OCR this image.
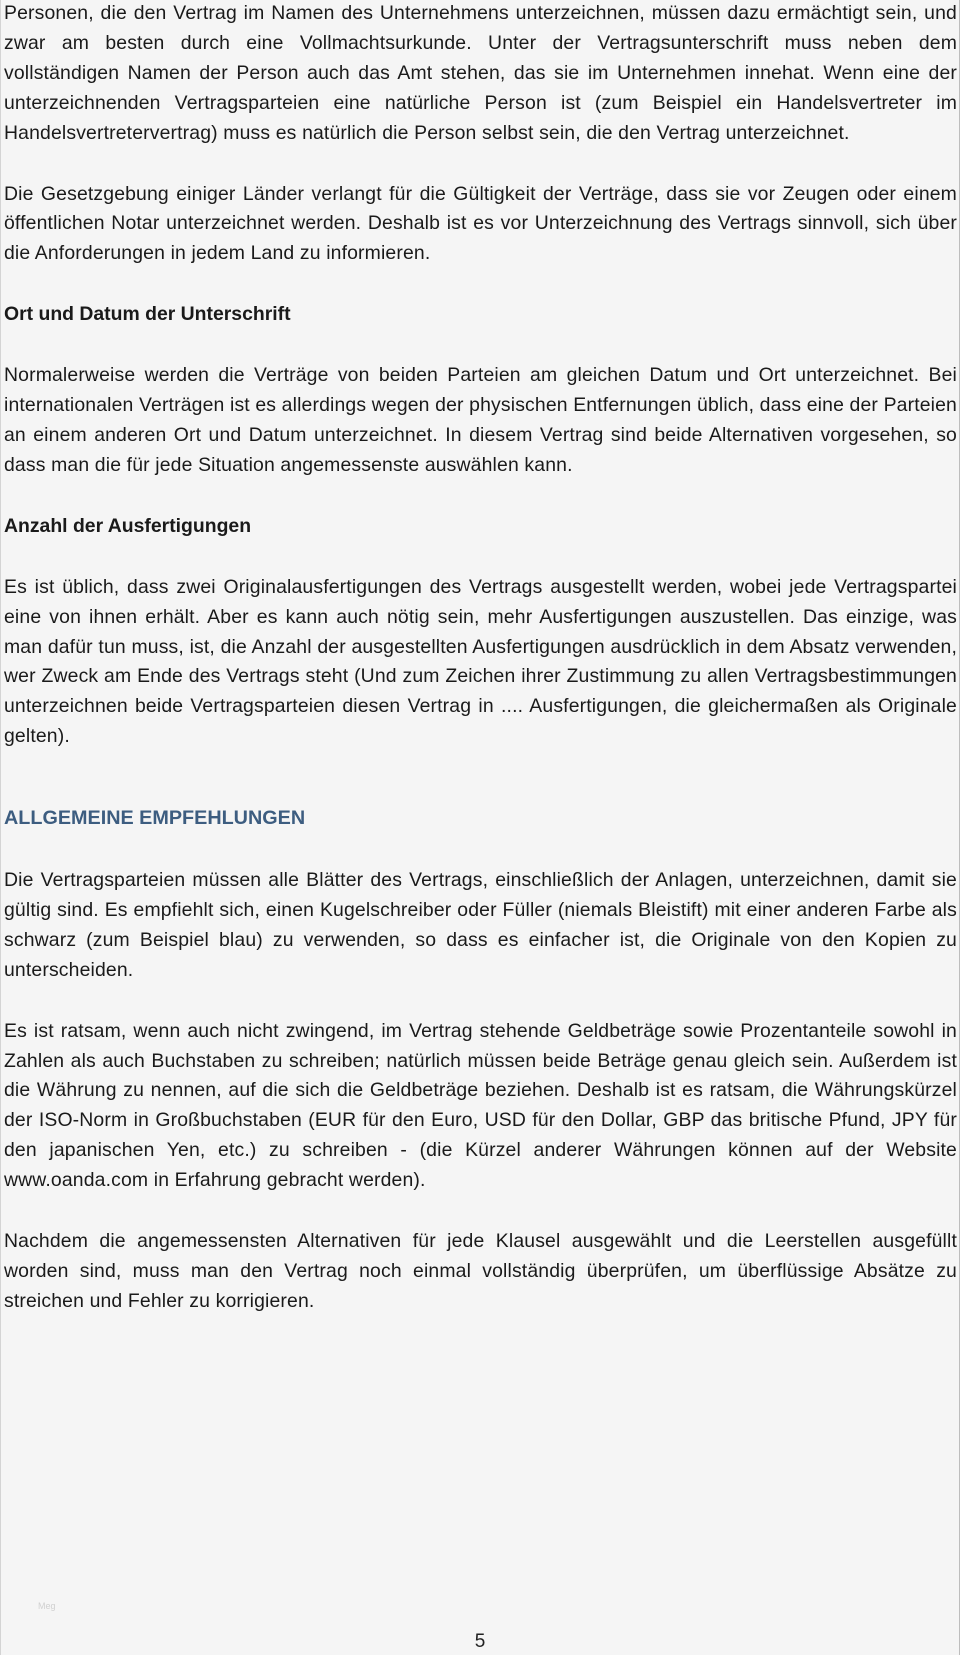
Personen, die den Vertrag im Namen des Unternehmens unterzeichnen, müssen dazu ermächtigt sein, und zwar am besten durch eine Vollmachtsurkunde. Unter der Vertragsunterschrift muss neben dem vollständigen Namen der Person auch das Amt stehen, das sie im Unternehmen innehat. Wenn eine der unterzeichnenden Vertragsparteien eine natürliche Person ist (zum Beispiel ein Handelsvertreter im Handelsvertretervertrag) muss es natürlich die Person selbst sein, die den Vertrag unterzeichnet.

Die Gesetzgebung einiger Länder verlangt für die Gültigkeit der Verträge, dass sie vor Zeugen oder einem öffentlichen Notar unterzeichnet werden. Deshalb ist es vor Unterzeichnung des Vertrags sinnvoll, sich über die Anforderungen in jedem Land zu informieren.

Ort und Datum der Unterschrift

Normalerweise werden die Verträge von beiden Parteien am gleichen Datum und Ort unterzeichnet. Bei internationalen Verträgen ist es allerdings wegen der physischen Entfernungen üblich, dass eine der Parteien an einem anderen Ort und Datum unterzeichnet. In diesem Vertrag sind beide Alternativen vorgesehen, so dass man die für jede Situation angemessenste auswählen kann.

Anzahl der Ausfertigungen

Es ist üblich, dass zwei Originalausfertigungen des Vertrags ausgestellt werden, wobei jede Vertragspartei eine von ihnen erhält. Aber es kann auch nötig sein, mehr Ausfertigungen auszustellen. Das einzige, was man dafür tun muss, ist, die Anzahl der ausgestellten Ausfertigungen ausdrücklich in dem Absatz verwenden, wer Zweck am Ende des Vertrags steht (Und zum Zeichen ihrer Zustimmung zu allen Vertragsbestimmungen unterzeichnen beide Vertragsparteien diesen Vertrag in .... Ausfertigungen, die gleichermaßen als Originale gelten).

ALLGEMEINE EMPFEHLUNGEN

Die Vertragsparteien müssen alle Blätter des Vertrags, einschließlich der Anlagen, unterzeichnen, damit sie gültig sind. Es empfiehlt sich, einen Kugelschreiber oder Füller (niemals Bleistift) mit einer anderen Farbe als schwarz (zum Beispiel blau) zu verwenden, so dass es einfacher ist, die Originale von den Kopien zu unterscheiden.

Es ist ratsam, wenn auch nicht zwingend, im Vertrag stehende Geldbeträge sowie Prozentanteile sowohl in Zahlen als auch Buchstaben zu schreiben; natürlich müssen beide Beträge genau gleich sein. Außerdem ist die Währung zu nennen, auf die sich die Geldbeträge beziehen. Deshalb ist es ratsam, die Währungskürzel der ISO-Norm in Großbuchstaben (EUR für den Euro, USD für den Dollar, GBP das britische Pfund, JPY für den japanischen Yen, etc.) zu schreiben - (die Kürzel anderer Währungen können auf der Website www.oanda.com in Erfahrung gebracht werden).

Nachdem die angemessensten Alternativen für jede Klausel ausgewählt und die Leerstellen ausgefüllt worden sind, muss man den Vertrag noch einmal vollständig überprüfen, um überflüssige Absätze zu streichen und Fehler zu korrigieren.

Meg
5
